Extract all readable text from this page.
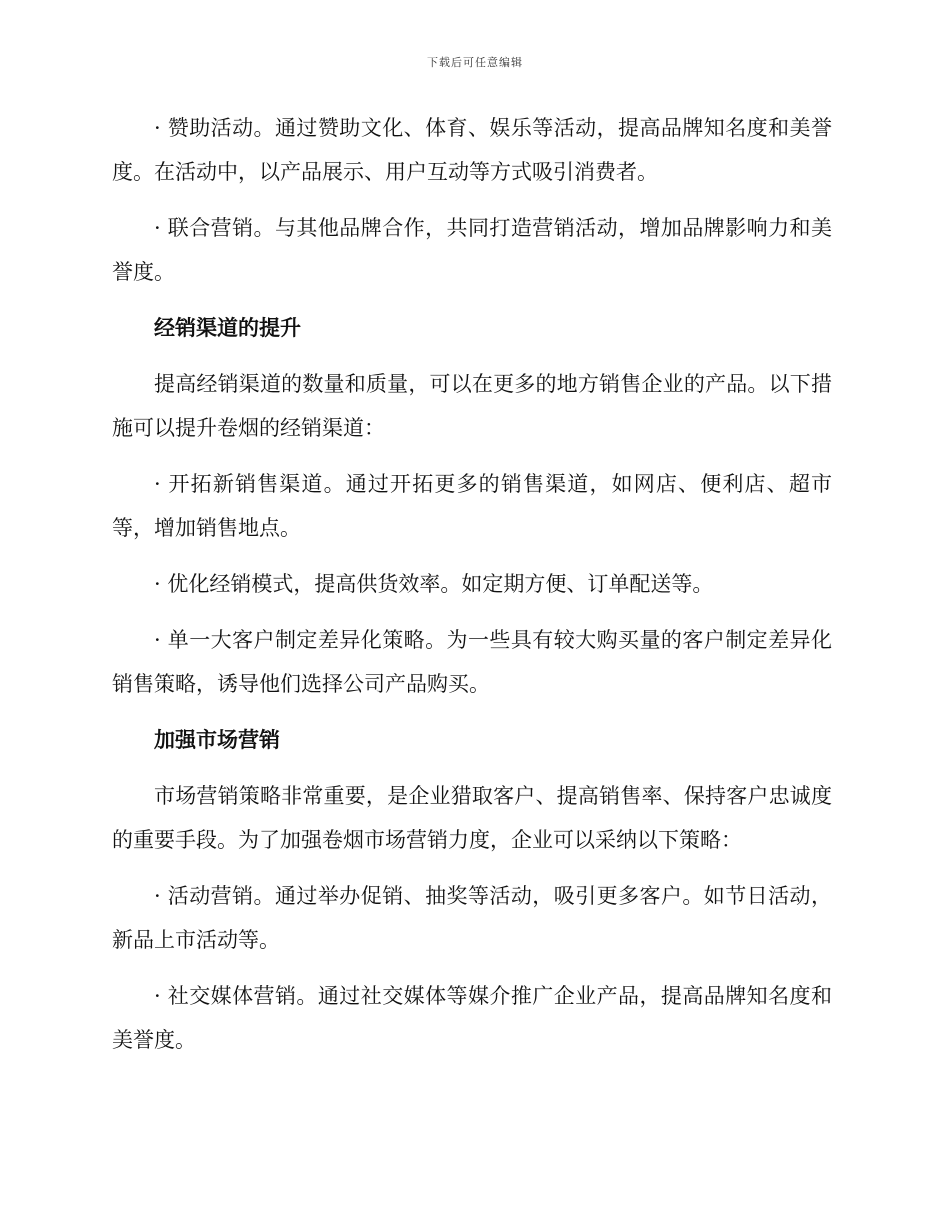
下载后可任意编辑

· 赞助活动。通过赞助文化、体育、娱乐等活动，提高品牌知名度和美誉度。在活动中，以产品展示、用户互动等方式吸引消费者。

· 联合营销。与其他品牌合作，共同打造营销活动，增加品牌影响力和美誉度。

经销渠道的提升

提高经销渠道的数量和质量，可以在更多的地方销售企业的产品。以下措施可以提升卷烟的经销渠道：

· 开拓新销售渠道。通过开拓更多的销售渠道，如网店、便利店、超市等，增加销售地点。

· 优化经销模式，提高供货效率。如定期方便、订单配送等。

· 单一大客户制定差异化策略。为一些具有较大购买量的客户制定差异化销售策略，诱导他们选择公司产品购买。

加强市场营销

市场营销策略非常重要，是企业猎取客户、提高销售率、保持客户忠诚度的重要手段。为了加强卷烟市场营销力度，企业可以采纳以下策略：

· 活动营销。通过举办促销、抽奖等活动，吸引更多客户。如节日活动，新品上市活动等。

· 社交媒体营销。通过社交媒体等媒介推广企业产品，提高品牌知名度和美誉度。
